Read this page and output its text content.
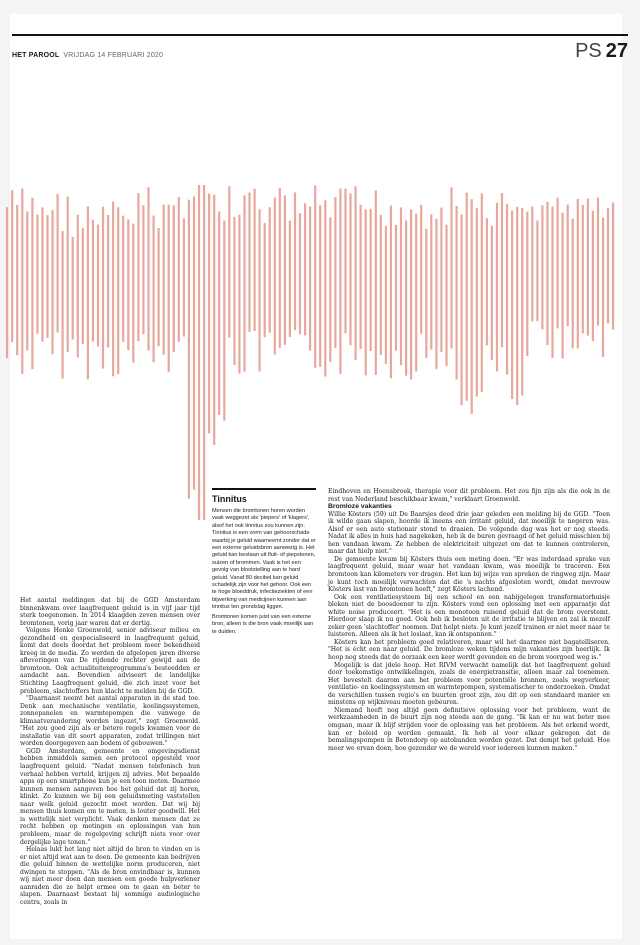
HET PAROOL VRIJDAG 14 FEBRUARI 2020	PS 27

Het aantal meldingen dat bij de GGD Amsterdam binnenkwam over laagfrequent geluid is in vijf jaar tijd sterk toegenomen. In 2014 klaagden zeven mensen over bromtonen, vorig jaar waren dat er dertig.

Volgens Henke Groenwold, senior adviseur milieu en gezondheid en gespecialiseerd in laagfrequent geluid, komt dat deels doordat het probleem meer bekendheid kreeg in de media. Zo werden de afgelopen jaren diverse afleveringen van De rijdende rechter gewijd aan de bromtoon. Ook actualiteitenprogramma's besteedden er aandacht aan. Bovendien adviseert de landelijke Stichting Laagfrequent geluid, die zich inzet voor het probleem, slachtoffers hun klacht te melden bij de GGD.

"Daarnaast neemt het aantal apparaten in de stad toe. Denk aan mechanische ventilatie, koelingssystemen, zonnepanelen en warmtepompen die vanwege de klimaatverandering worden ingezet," zegt Groenwold. "Het zou goed zijn als er betere regels kwamen voor de installatie van dit soort apparaten, zodat trillingen niet worden doorgegeven aan bodem of gebouwen."

GGD Amsterdam, gemeente en omgevingsdienst hebben inmiddels samen een protocol opgesteld voor laagfrequent geluid. "Nadat mensen telefonisch hun verhaal hebben verteld, krijgen zij advies. Met bepaalde apps op een smartphone kun je een toon meten. Daarmee kunnen mensen aangeven hoe het geluid dat zij horen, klinkt. Zo kunnen we bij een geluidsmeting vaststellen naar welk geluid gezocht moet worden. Dat wij bij mensen thuis komen om te meten, is louter goodwill. Het is wettelijk niet verplicht. Vaak denken mensen dat ze recht hebben op metingen en oplossingen van hun probleem, maar de regelgeving schrijft niets voor over dergelijke lage tonen."

Helaas lukt het lang niet altijd de bron te vinden en is er niet altijd wat aan te doen. De gemeente kan bedrijven die geluid binnen de wettelijke norm produceren, niet dwingen te stoppen. "Als de bron onvindbaar is, kunnen wij niet meer doen dan mensen een goede hulpverlener aanraden die ze helpt ermee om te gaan en beter te slapen. Daarnaast bestaat bij sommige audiologische centra, zoals in

Tinnitus

Mensen die bromtonen horen worden vaak weggezet als 'piepers' of 'klagers', alsof het ook tinnitus zou kunnen zijn. Tinnitus is een vorm van gehoorschade waarbij je geluid waarneemt zonder dat er een externe geluidsbron aanwezig is. Het geluid kan bestaan uit fluit- of piepstonen, suizen of brommen. Vaak is het een gevolg van blootstelling aan te hard geluid. Vanaf 80 decibel kan geluid schadelijk zijn voor het gehoor. Ook een te hoge bloeddruk, infectieziekten of een bijwerking van medicijnen kunnen aan tinnitus ten grondslag liggen.

Bromtonen komen juist van een externe bron, alleen is die bron vaak moeilijk aan te duiden.

Eindhoven en Hoensbroek, therapie voor dit probleem. Het zou fijn zijn als die ook in de rest van Nederland beschikbaar kwam," verklaart Groenwold.

Bromloze vakanties

Willie Kösters (59) uit De Baarsjes deed drie jaar geleden een melding bij de GGD. "Toen ik wilde gaan slapen, hoorde ik ineens een irritant geluid, dat moeilijk te negeren was. Alsof er een auto stationair stond te draaien. De volgende dag was het er nog steeds. Nadat ik alles in huis had nagekeken, heb ik de buren gevraagd of het geluid misschien bij hen vandaan kwam. Ze hebben de elektriciteit uitgezet om dat te kunnen controleren, maar dat hielp niet."

De gemeente kwam bij Kösters thuis een meting doen. "Er was inderdaad sprake van laagfrequent geluid, maar waar het vandaan kwam, was moeilijk te traceren. Een bromtoon kan kilometers ver dragen. Het kan bij wijze van spreken de ringweg zijn. Maar je kunt toch moeilijk verwachten dat die 's nachts afgesloten wordt, omdat mevrouw Kösters last van bromtonen heeft," zegt Kösters lachend.

Ook een ventilatiesysteem bij een school en een nabijgelegen transformatorhuisje bleken niet de boosdoener te zijn. Kösters vond een oplossing met een apparaatje dat white noise produceert. "Het is een monotoon ruisend geluid dat de brom overstemt. Hierdoor slaap ik nu goed. Ook heb ik besloten uit de irritatie te blijven en zal ik mezelf zeker geen 'slachtoffer' noemen. Dat helpt niets. Je kunt jezelf trainen er niet meer naar te luisteren. Alleen als ik het loslaat, kan ik ontspannen."

Kösters kan het probleem goed relativeren, maar wil het daarmee niet bagatelliseren. "Het is écht een naar geluid. De bromloze weken tijdens mijn vakanties zijn heerlijk. Ik hoop nog steeds dat de oorzaak een keer wordt gevonden en de brom voorgoed weg is."

Mogelijk is dat jdele hoop. Het RIVM verwacht namelijk dat het laagfrequent geluid door toekomstige ontwikkelingen, zoals de energietransitie, alleen maar zal toenemen. Het bevestelt daarom aan het probleem voor potentiële bronnen, zoals wegverkeer, ventilatie- en koelingssystemen en warmtepompen, systematischer te onderzoeken. Omdat de verschillen tussen regio's en buurten groot zijn, zou dit op een standaard manier en minstens op wijkniveau moeten gebeuren.

Niemand heeft nog altijd geen definitieve oplossing voor het probleem, want de werkzaamheden in de buurt zijn nog steeds aan de gang. "Ik kan er nu wat beter mee omgaan, maar ik blijf strijden voor de oplossing van het probleem. Als het erkend wordt, kan er beleid op worden gemaakt. Ik heb al voor elkaar gekregen dat de bemalingspompen in Betondorp op autobanden worden gezet. Dat dempt het geluid. Hoe meer we ervan doen, hoe gezonder we de wereld voor iedereen kunnen maken."
